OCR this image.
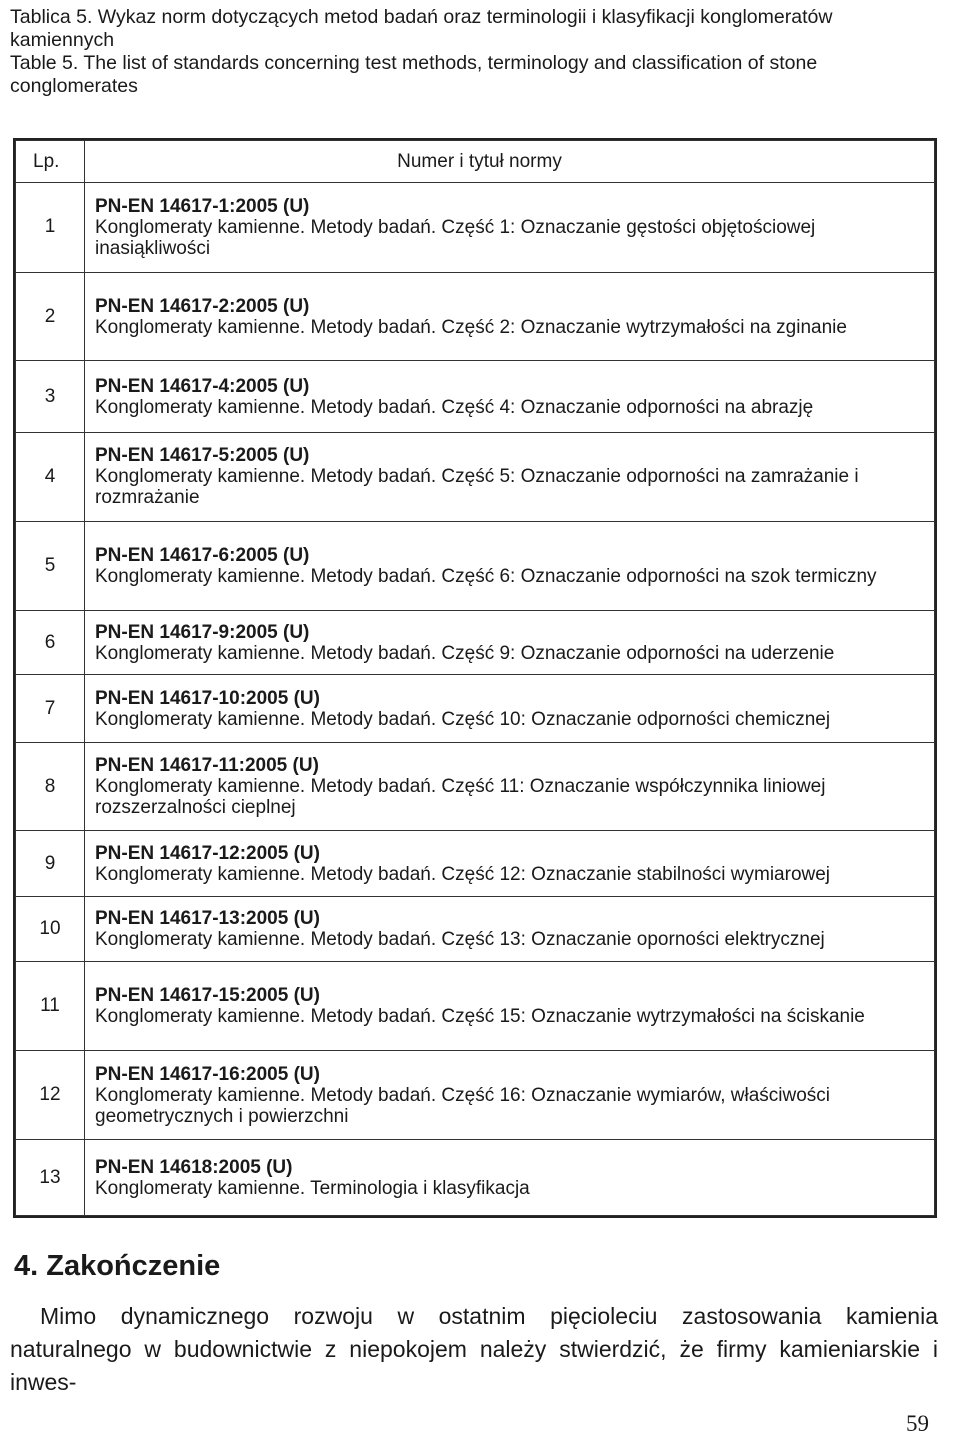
Tablica 5. Wykaz norm dotyczących metod badań oraz terminologii i klasyfikacji konglomeratów kamiennych

Table 5. The list of standards concerning test methods, terminology and classification of stone conglomerates

Lp.	Numer i tytuł normy
1	PN-EN 14617-1:2005 (U)
Konglomeraty kamienne. Metody badań. Część 1: Oznaczanie gęstości objętościowej inasiąkliwości

2	PN-EN 14617-2:2005 (U)
Konglomeraty kamienne. Metody badań. Część 2: Oznaczanie wytrzymałości na zginanie

3	PN-EN 14617-4:2005 (U)
Konglomeraty kamienne. Metody badań. Część 4: Oznaczanie odporności na abrazję

4	PN-EN 14617-5:2005 (U)
Konglomeraty kamienne. Metody badań. Część 5: Oznaczanie odporności na zamrażanie i rozmrażanie

5	PN-EN 14617-6:2005 (U)
Konglomeraty kamienne. Metody badań. Część 6: Oznaczanie odporności na szok termiczny

6	PN-EN 14617-9:2005 (U)
Konglomeraty kamienne. Metody badań. Część 9: Oznaczanie odporności na uderzenie

7	PN-EN 14617-10:2005 (U)
Konglomeraty kamienne. Metody badań. Część 10: Oznaczanie odporności chemicznej

8	PN-EN 14617-11:2005 (U)
Konglomeraty kamienne. Metody badań. Część 11: Oznaczanie współczynnika liniowej rozszerzalności cieplnej

9	PN-EN 14617-12:2005 (U)
Konglomeraty kamienne. Metody badań. Część 12: Oznaczanie stabilności wymiarowej

10	PN-EN 14617-13:2005 (U)
Konglomeraty kamienne. Metody badań. Część 13: Oznaczanie oporności elektrycznej

11	PN-EN 14617-15:2005 (U)
Konglomeraty kamienne. Metody badań. Część 15: Oznaczanie wytrzymałości na ściskanie

12	PN-EN 14617-16:2005 (U)
Konglomeraty kamienne. Metody badań. Część 16: Oznaczanie wymiarów, właściwości geometrycznych i powierzchni

13	PN-EN 14618:2005 (U)
Konglomeraty kamienne. Terminologia i klasyfikacja
4. Zakończenie

Mimo dynamicznego rozwoju w ostatnim pięcioleciu zastosowania kamienia naturalnego w budownictwie z niepokojem należy stwierdzić, że firmy kamieniarskie i inwes-

59
